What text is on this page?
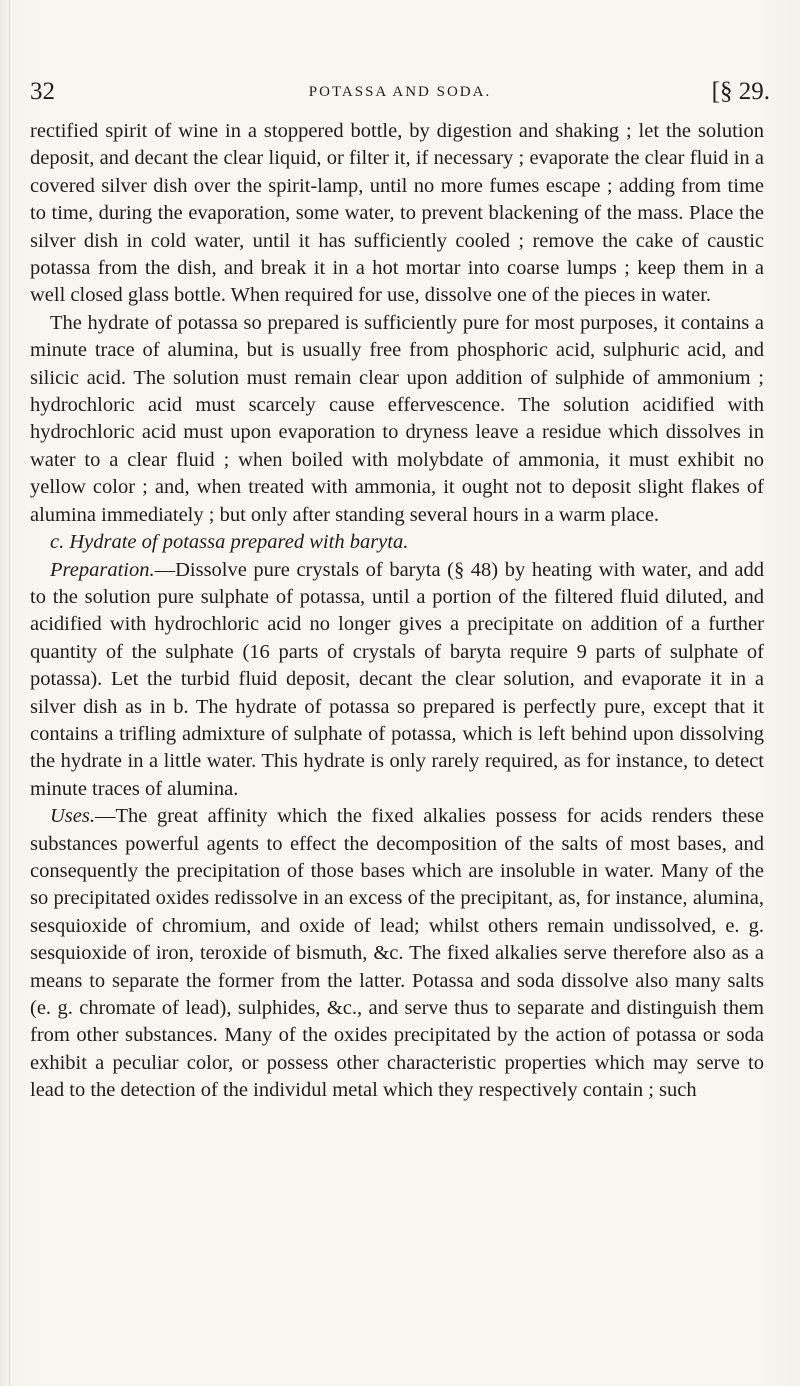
32	POTASSA AND SODA.	[§ 29.

rectified spirit of wine in a stoppered bottle, by digestion and shaking ; let the solution deposit, and decant the clear liquid, or filter it, if necessary ; evaporate the clear fluid in a covered silver dish over the spirit-lamp, until no more fumes escape ; adding from time to time, during the evaporation, some water, to prevent blackening of the mass. Place the silver dish in cold water, until it has sufficiently cooled ; remove the cake of caustic potassa from the dish, and break it in a hot mortar into coarse lumps ; keep them in a well closed glass bottle. When required for use, dissolve one of the pieces in water.

The hydrate of potassa so prepared is sufficiently pure for most purposes, it contains a minute trace of alumina, but is usually free from phosphoric acid, sulphuric acid, and silicic acid. The solution must remain clear upon addition of sulphide of ammonium ; hydrochloric acid must scarcely cause effervescence. The solution acidified with hydrochloric acid must upon evaporation to dryness leave a residue which dissolves in water to a clear fluid ; when boiled with molybdate of ammonia, it must exhibit no yellow color ; and, when treated with ammonia, it ought not to deposit slight flakes of alumina immediately ; but only after standing several hours in a warm place.

c. Hydrate of potassa prepared with baryta.

Preparation.—Dissolve pure crystals of baryta (§ 48) by heating with water, and add to the solution pure sulphate of potassa, until a portion of the filtered fluid diluted, and acidified with hydrochloric acid no longer gives a precipitate on addition of a further quantity of the sulphate (16 parts of crystals of baryta require 9 parts of sulphate of potassa). Let the turbid fluid deposit, decant the clear solution, and evaporate it in a silver dish as in b. The hydrate of potassa so prepared is perfectly pure, except that it contains a trifling admixture of sulphate of potassa, which is left behind upon dissolving the hydrate in a little water. This hydrate is only rarely required, as for instance, to detect minute traces of alumina.

Uses.—The great affinity which the fixed alkalies possess for acids renders these substances powerful agents to effect the decomposition of the salts of most bases, and consequently the precipitation of those bases which are insoluble in water. Many of the so precipitated oxides redissolve in an excess of the precipitant, as, for instance, alumina, sesquioxide of chromium, and oxide of lead; whilst others remain undissolved, e. g. sesquioxide of iron, teroxide of bismuth, &c. The fixed alkalies serve therefore also as a means to separate the former from the latter. Potassa and soda dissolve also many salts (e. g. chromate of lead), sulphides, &c., and serve thus to separate and distinguish them from other substances. Many of the oxides precipitated by the action of potassa or soda exhibit a peculiar color, or possess other characteristic properties which may serve to lead to the detection of the individul metal which they respectively contain ; such
